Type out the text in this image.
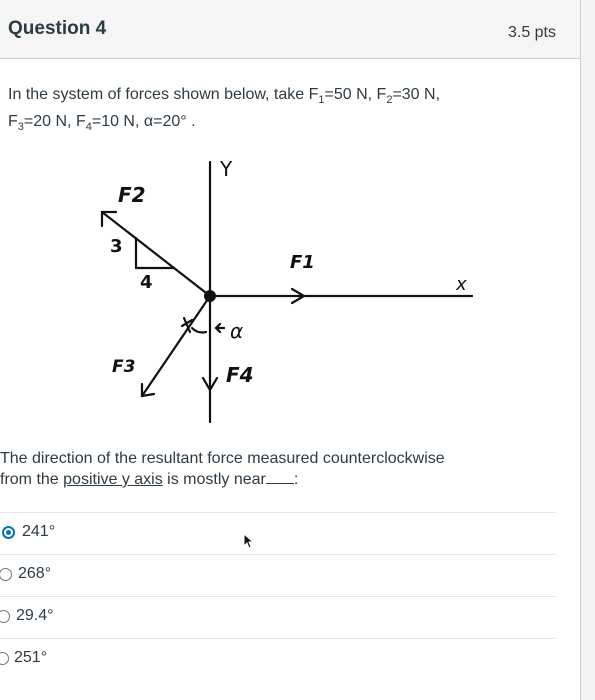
Question 4	3.5 pts
In the system of forces shown below, take $F_1=50$ N, $F_2=30$ N,
$F_3=20$ N, $F_4=10$ N, α=20° .
Y
x
F1
F2
F3	F4
3
4
α
The direction of the resultant force measured counterclockwise
from the positive y axis is mostly near :
241°
268°
29.4°
251°
